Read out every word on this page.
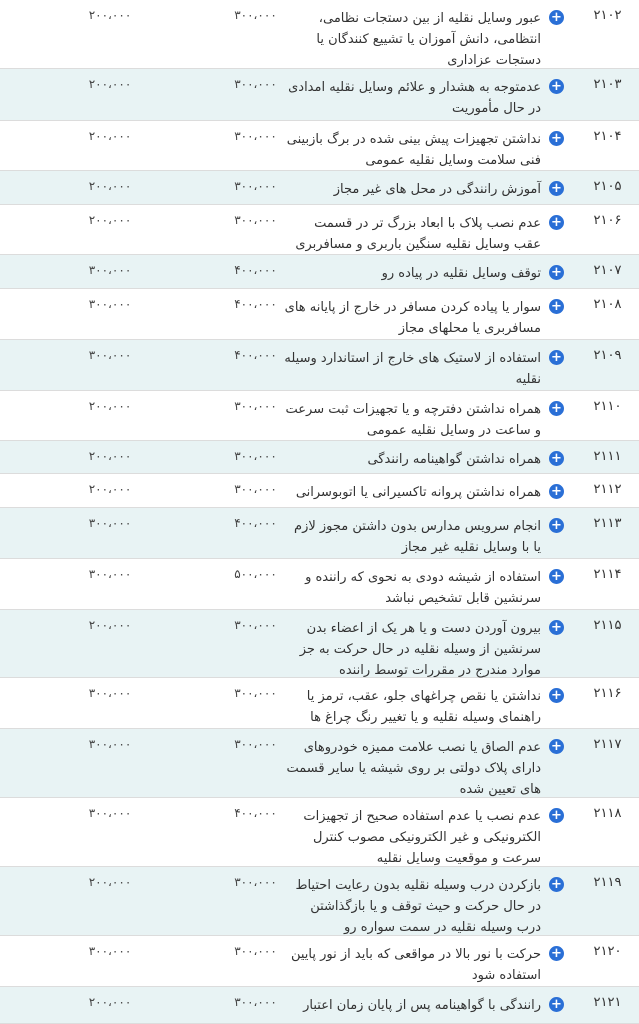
۲۱۰۲
+
عبور وسایل نقلیه از بین دستجات نظامی، انتظامی، دانش آموزان یا تشییع کنندگان یا دستجات عزاداری
۳۰۰،۰۰۰
۲۰۰،۰۰۰
۲۱۰۳
+
عدمتوجه به هشدار و علائم وسایل نقلیه امدادی در حال مأموریت
۳۰۰،۰۰۰
۲۰۰،۰۰۰
۲۱۰۴
+
نداشتن تجهیزات پیش بینی شده در برگ بازبینی فنی سلامت وسایل نقلیه عمومی
۳۰۰،۰۰۰
۲۰۰،۰۰۰
۲۱۰۵
+
آموزش رانندگی در محل های غیر مجاز
۳۰۰،۰۰۰
۲۰۰،۰۰۰
۲۱۰۶
+
عدم نصب پلاک با ابعاد بزرگ تر در قسمت عقب وسایل نقلیه سنگین باربری و مسافربری
۳۰۰،۰۰۰
۲۰۰،۰۰۰
۲۱۰۷
+
توقف وسایل نقلیه در پیاده رو
۴۰۰،۰۰۰
۳۰۰،۰۰۰
۲۱۰۸
+
سوار یا پیاده کردن مسافر در خارج از پایانه های مسافربری یا محلهای مجاز
۴۰۰،۰۰۰
۳۰۰،۰۰۰
۲۱۰۹
+
استفاده از لاستیک های خارج از استاندارد وسیله نقلیه
۴۰۰،۰۰۰
۳۰۰،۰۰۰
۲۱۱۰
+
همراه نداشتن دفترچه و یا تجهیزات ثبت سرعت و ساعت در وسایل نقلیه عمومی
۳۰۰،۰۰۰
۲۰۰،۰۰۰
۲۱۱۱
+
همراه نداشتن گواهینامه رانندگی
۳۰۰،۰۰۰
۲۰۰،۰۰۰
۲۱۱۲
+
همراه نداشتن پروانه تاکسیرانی یا اتوبوسرانی
۳۰۰،۰۰۰
۲۰۰،۰۰۰
۲۱۱۳
+
انجام سرویس مدارس بدون داشتن مجوز لازم یا با وسایل نقلیه غیر مجاز
۴۰۰،۰۰۰
۳۰۰،۰۰۰
۲۱۱۴
+
استفاده از شیشه دودی به نحوی که راننده و سرنشین قابل تشخیص نباشد
۵۰۰،۰۰۰
۳۰۰،۰۰۰
۲۱۱۵
+
بیرون آوردن دست و یا هر یک از اعضاء بدن سرنشین از وسیله نقلیه در حال حرکت به جز موارد مندرج در مقررات توسط راننده
۳۰۰،۰۰۰
۲۰۰،۰۰۰
۲۱۱۶
+
نداشتن یا نقص چراغهای جلو، عقب، ترمز یا راهنمای وسیله نقلیه و یا تغییر رنگ چراغ ها
۳۰۰،۰۰۰
۳۰۰،۰۰۰
۲۱۱۷
+
عدم الصاق یا نصب علامت ممیزه خودروهای دارای پلاک دولتی بر روی شیشه یا سایر قسمت های تعیین شده
۳۰۰،۰۰۰
۳۰۰،۰۰۰
۲۱۱۸
+
عدم نصب یا عدم استفاده صحیح از تجهیزات الکترونیکی و غیر الکترونیکی مصوب کنترل سرعت و موقعیت وسایل نقلیه
۴۰۰،۰۰۰
۳۰۰،۰۰۰
۲۱۱۹
+
بازکردن درب وسیله نقلیه بدون رعایت احتیاط در حال حرکت و حیث توقف و یا بازگذاشتن درب وسیله نقلیه در سمت سواره رو
۳۰۰،۰۰۰
۲۰۰،۰۰۰
۲۱۲۰
+
حرکت با نور بالا در مواقعی که باید از نور پایین استفاده شود
۳۰۰،۰۰۰
۳۰۰،۰۰۰
۲۱۲۱
+
رانندگی با گواهینامه پس از پایان زمان اعتبار
۳۰۰،۰۰۰
۲۰۰،۰۰۰
